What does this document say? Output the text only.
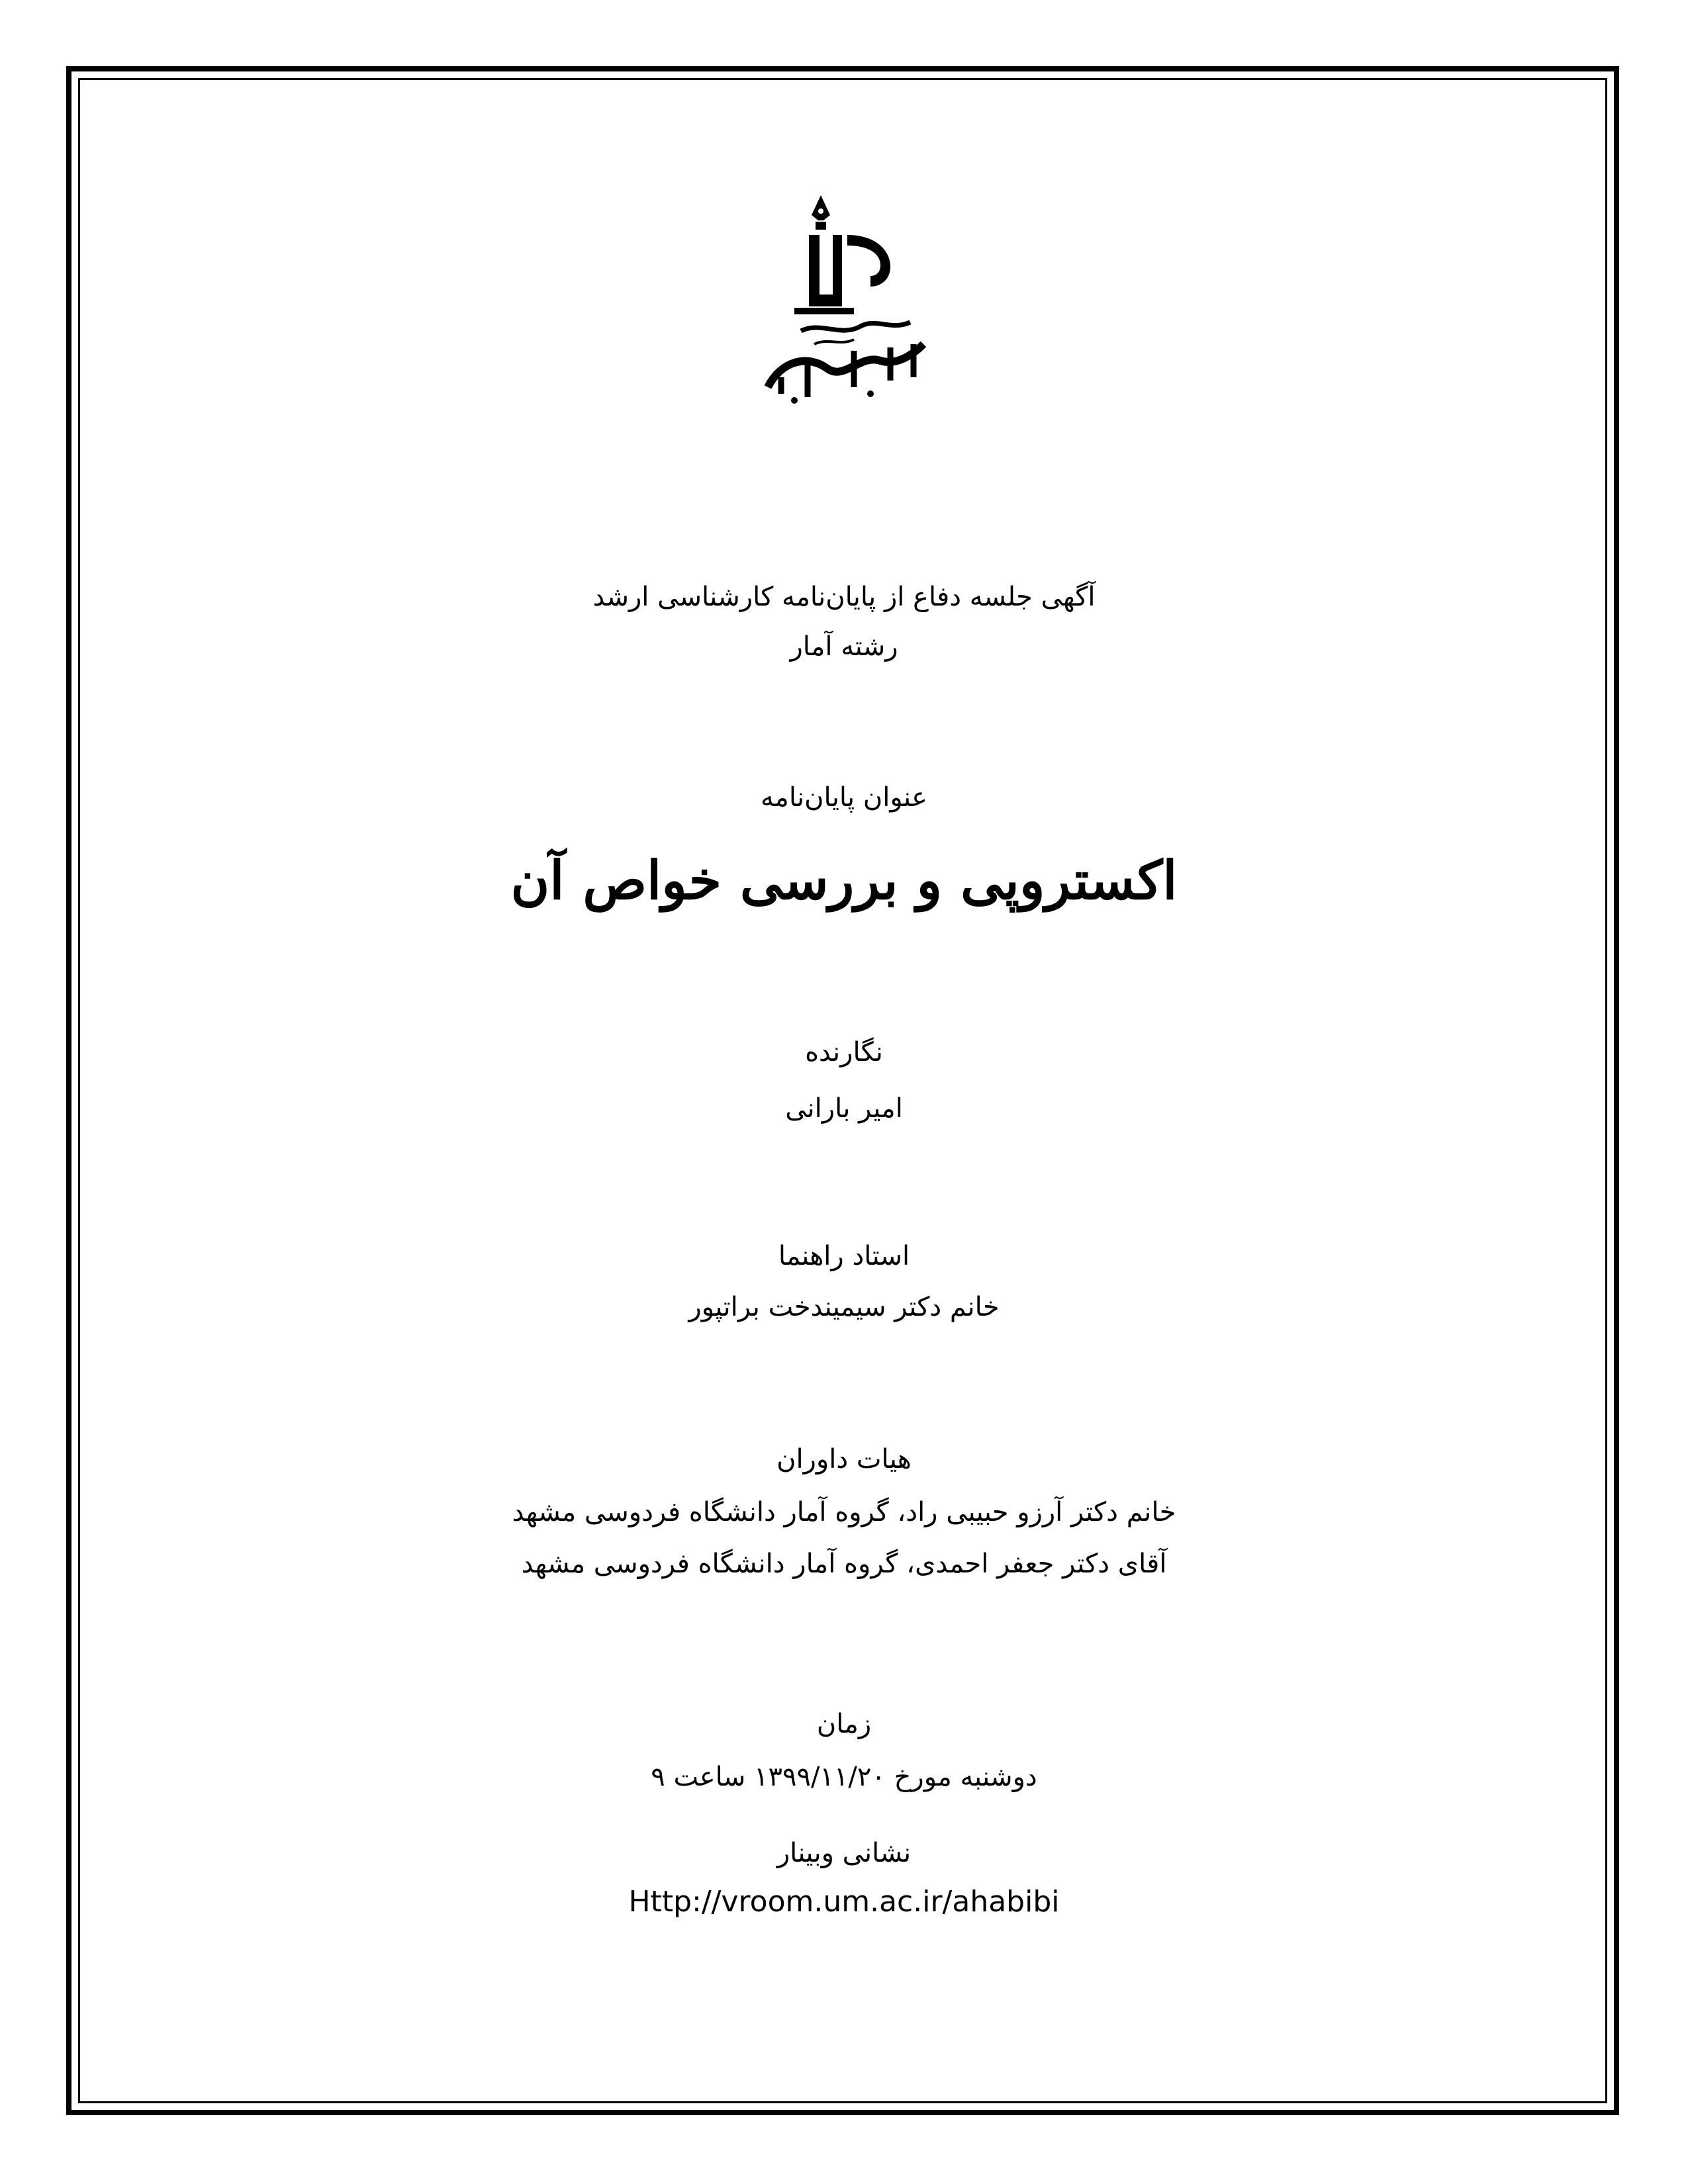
آگهی جلسه دفاع از پایان‌نامه کارشناسی ارشد
رشته آمار
عنوان پایان‌نامه
اکستروپی و بررسی خواص آن
نگارنده
امیر بارانی
استاد راهنما
خانم دکتر سیمیندخت براتپور
هیات داوران
خانم دکتر آرزو حبیبی راد، گروه آمار دانشگاه فردوسی مشهد
آقای دکتر جعفر احمدی، گروه آمار دانشگاه فردوسی مشهد
زمان
دوشنبه مورخ ۱۳۹۹/۱۱/۲۰ ساعت ۹
نشانی وبینار
Http://vroom.um.ac.ir/ahabibi
